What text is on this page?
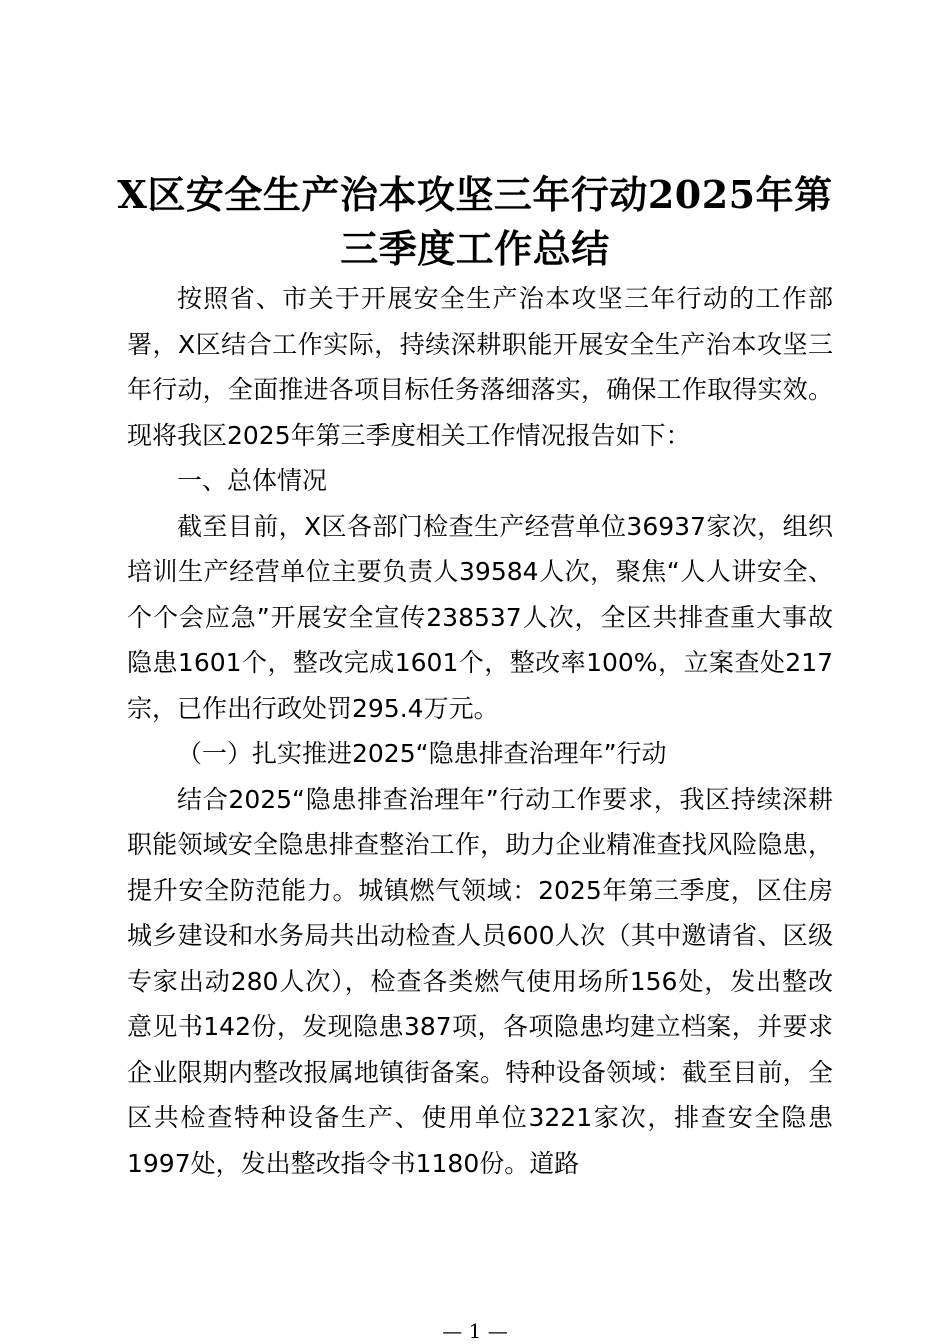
X区安全生产治本攻坚三年行动2025年第三季度工作总结

按照省、市关于开展安全生产治本攻坚三年行动的工作部署，X区结合工作实际，持续深耕职能开展安全生产治本攻坚三年行动，全面推进各项目标任务落细落实，确保工作取得实效。现将我区2025年第三季度相关工作情况报告如下：

一、总体情况

截至目前，X区各部门检查生产经营单位36937家次，组织培训生产经营单位主要负责人39584人次，聚焦“人人讲安全、个个会应急”开展安全宣传238537人次，全区共排查重大事故隐患1601个，整改完成1601个，整改率100%，立案查处217宗，已作出行政处罚295.4万元。

（一）扎实推进2025“隐患排查治理年”行动

结合2025“隐患排查治理年”行动工作要求，我区持续深耕职能领域安全隐患排查整治工作，助力企业精准查找风险隐患，提升安全防范能力。城镇燃气领域：2025年第三季度，区住房城乡建设和水务局共出动检查人员600人次（其中邀请省、区级专家出动280人次），检查各类燃气使用场所156处，发出整改意见书142份，发现隐患387项，各项隐患均建立档案，并要求企业限期内整改报属地镇街备案。特种设备领域：截至目前，全区共检查特种设备生产、使用单位3221家次，排查安全隐患1997处，发出整改指令书1180份。道路

— 1 —
